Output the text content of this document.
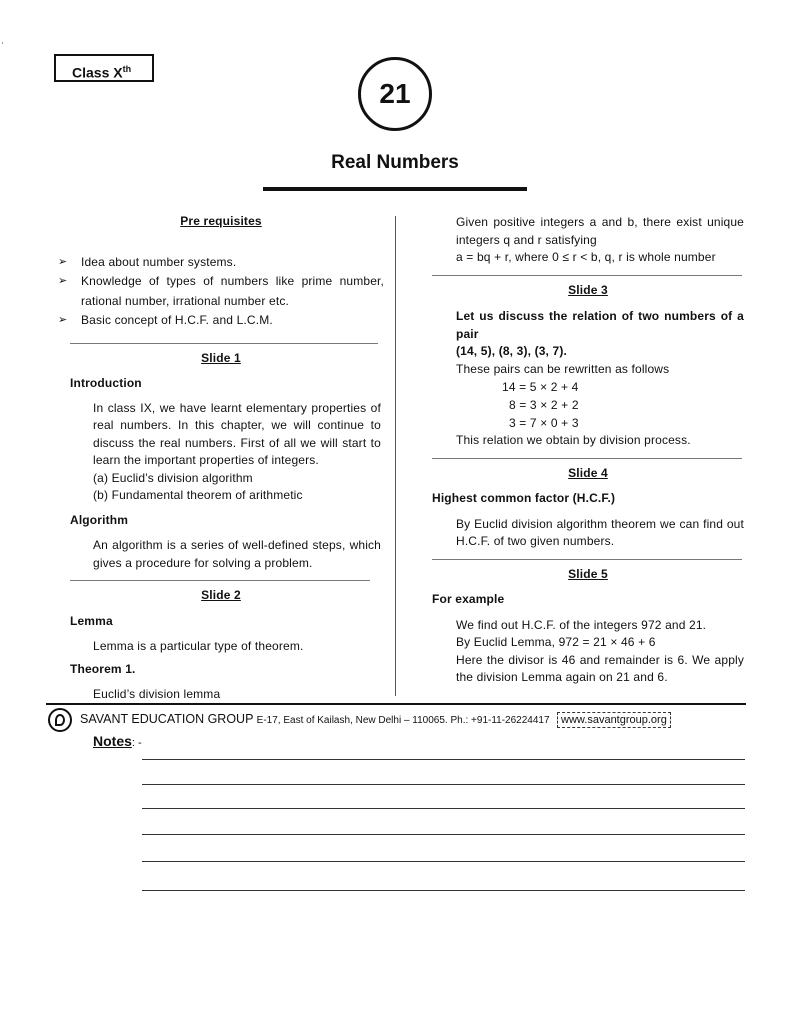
Class Xth
21
Real Numbers
Pre requisites
➢ Idea about number systems.
➢ Knowledge of types of numbers like prime number, rational number, irrational number etc.
➢ Basic concept of H.C.F. and L.C.M.
Slide 1
Introduction
In class IX, we have learnt elementary properties of real numbers. In this chapter, we will continue to discuss the real numbers. First of all we will start to learn the important properties of integers.
(a) Euclid’s division algorithm
(b) Fundamental theorem of arithmetic
Algorithm
An algorithm is a series of well-defined steps, which gives a procedure for solving a problem.
Slide 2
Lemma
Lemma is a particular type of theorem.
Theorem 1.
Euclid’s division lemma
Given positive integers a and b, there exist unique integers q and r satisfying
a = bq + r, where 0 ≤ r < b, q, r is whole number
Slide 3
Let us discuss the relation of two numbers of a pair
(14, 5), (8, 3), (3, 7).
These pairs can be rewritten as follows
14 = 5 × 2 + 4
8 = 3 × 2 + 2
3 = 7 × 0 + 3
This relation we obtain by division process.
Slide 4
Highest common factor (H.C.F.)
By Euclid division algorithm theorem we can find out H.C.F. of two given numbers.
Slide 5
For example
We find out H.C.F. of the integers 972 and 21.
By Euclid Lemma, 972 = 21 × 46 + 6
Here the divisor is 46 and remainder is 6. We apply the division Lemma again on 21 and 6.
SAVANT EDUCATION GROUP E-17, East of Kailash, New Delhi – 110065. Ph.: +91-11-26224417 www.savantgroup.org
Notes: -
